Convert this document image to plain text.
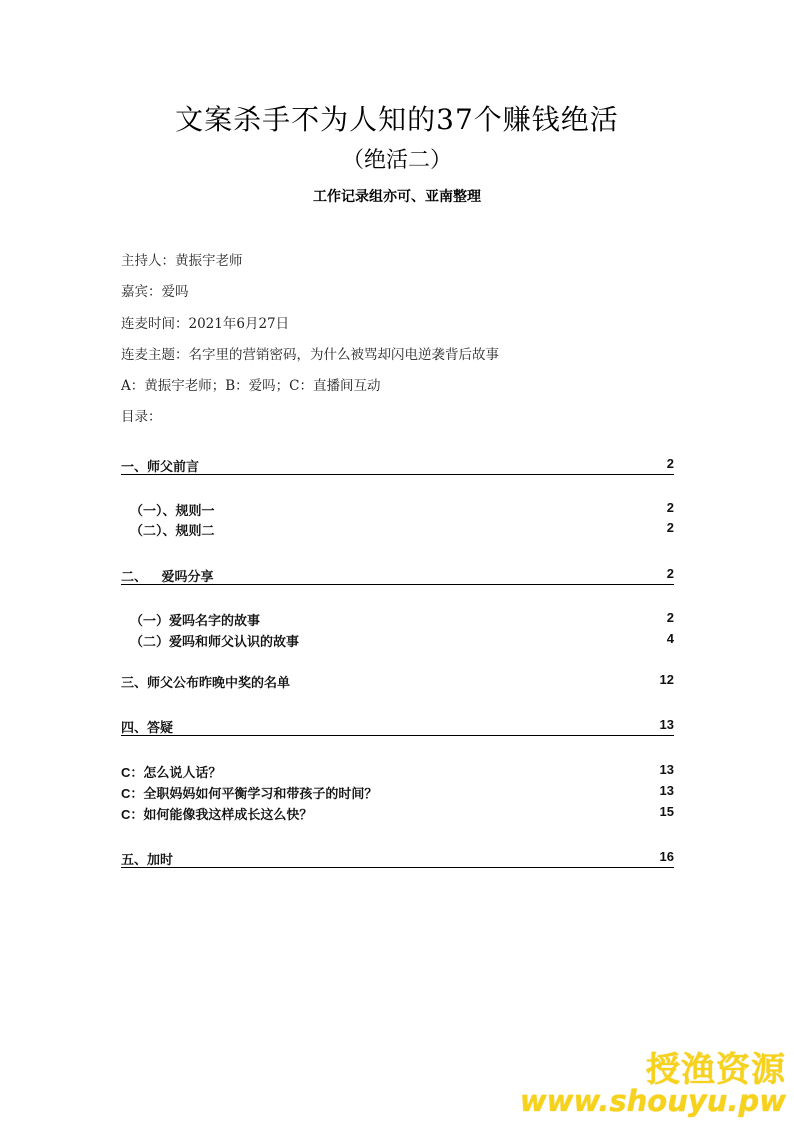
文案杀手不为人知的37个赚钱绝活
（绝活二）
工作记录组亦可、亚南整理
主持人：黄振宇老师
嘉宾：爱吗
连麦时间：2021年6月27日
连麦主题：名字里的营销密码，为什么被骂却闪电逆袭背后故事
A：黄振宇老师；B：爱吗；C：直播间互动
目录：
一、师父前言	2
（一）、规则一	2
（二）、规则二	2
二、    爱吗分享	2
（一）爱吗名字的故事	2
（二）爱吗和师父认识的故事	4
三、师父公布昨晚中奖的名单	12
四、答疑	13
C：怎么说人话？	13
C：全职妈妈如何平衡学习和带孩子的时间？	13
C：如何能像我这样成长这么快？	15
五、加时	16
授渔资源
www.shouyu.pw
